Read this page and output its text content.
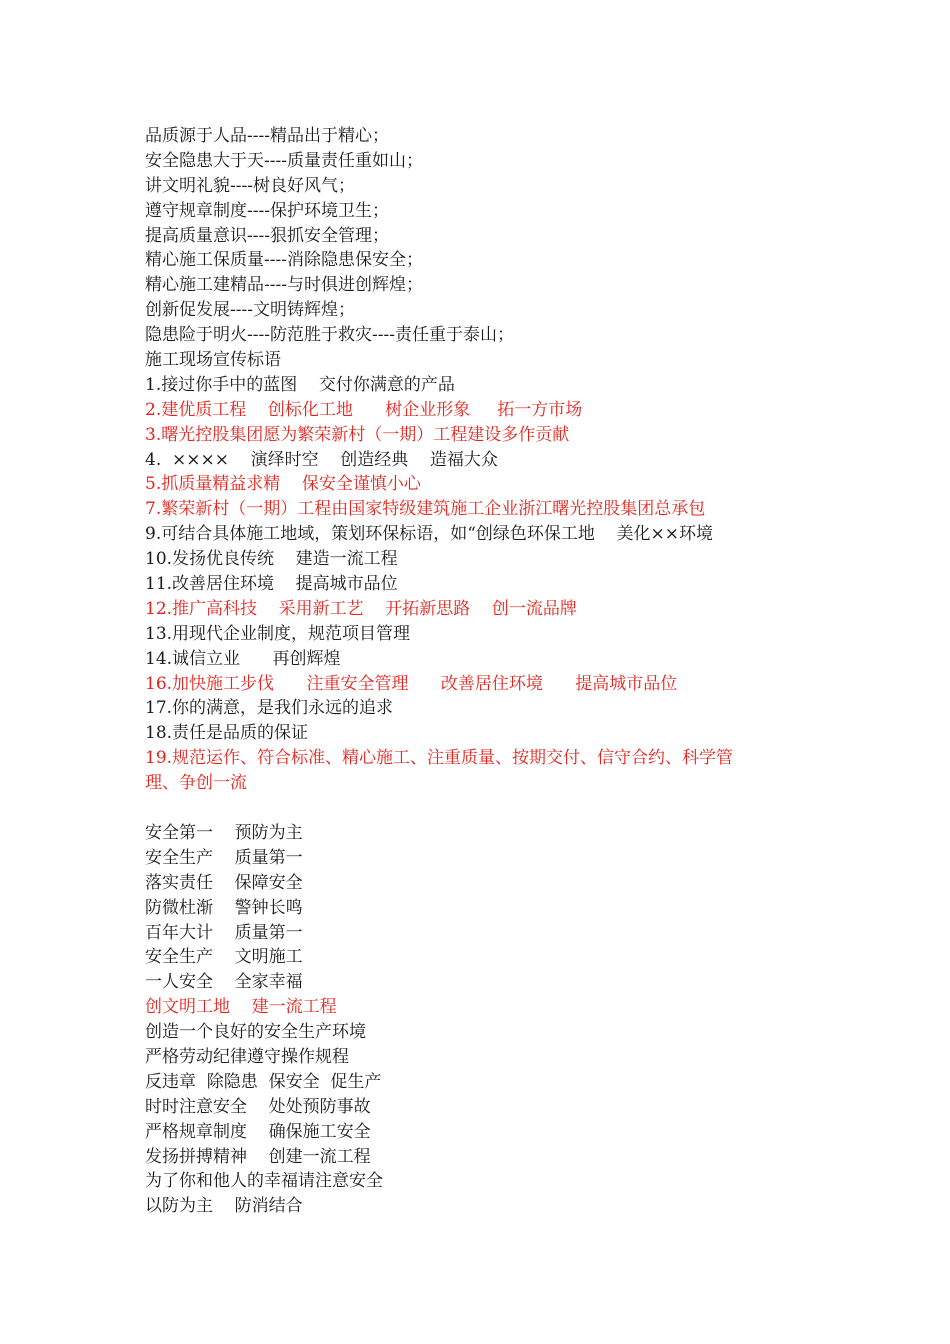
品质源于人品----精品出于精心；
安全隐患大于天----质量责任重如山；
讲文明礼貌----树良好风气；
遵守规章制度----保护环境卫生；
提高质量意识----狠抓安全管理；
精心施工保质量----消除隐患保安全；
精心施工建精品----与时俱进创辉煌；
创新促发展----文明铸辉煌；
隐患险于明火----防范胜于救灾----责任重于泰山；
施工现场宣传标语
1.接过你手中的蓝图    交付你满意的产品
2.建优质工程    创标化工地      树企业形象     拓一方市场
3.曙光控股集团愿为繁荣新村（一期）工程建设多作贡献
4.  ××××    演绎时空    创造经典    造福大众
5.抓质量精益求精    保安全谨慎小心
7.繁荣新村（一期）工程由国家特级建筑施工企业浙江曙光控股集团总承包
9.可结合具体施工地域，策划环保标语，如“创绿色环保工地    美化××环境
10.发扬优良传统    建造一流工程
11.改善居住环境    提高城市品位
12.推广高科技    采用新工艺    开拓新思路    创一流品牌
13.用现代企业制度，规范项目管理
14.诚信立业      再创辉煌
16.加快施工步伐      注重安全管理      改善居住环境      提高城市品位
17.你的满意，是我们永远的追求
18.责任是品质的保证
19.规范运作、符合标准、精心施工、注重质量、按期交付、信守合约、科学管
理、争创一流
安全第一    预防为主
安全生产    质量第一
落实责任    保障安全
防微杜渐    警钟长鸣
百年大计    质量第一
安全生产    文明施工
一人安全    全家幸福
创文明工地    建一流工程
创造一个良好的安全生产环境
严格劳动纪律遵守操作规程
反违章  除隐患  保安全  促生产
时时注意安全    处处预防事故
严格规章制度    确保施工安全
发扬拼搏精神    创建一流工程
为了你和他人的幸福请注意安全
以防为主    防消结合
